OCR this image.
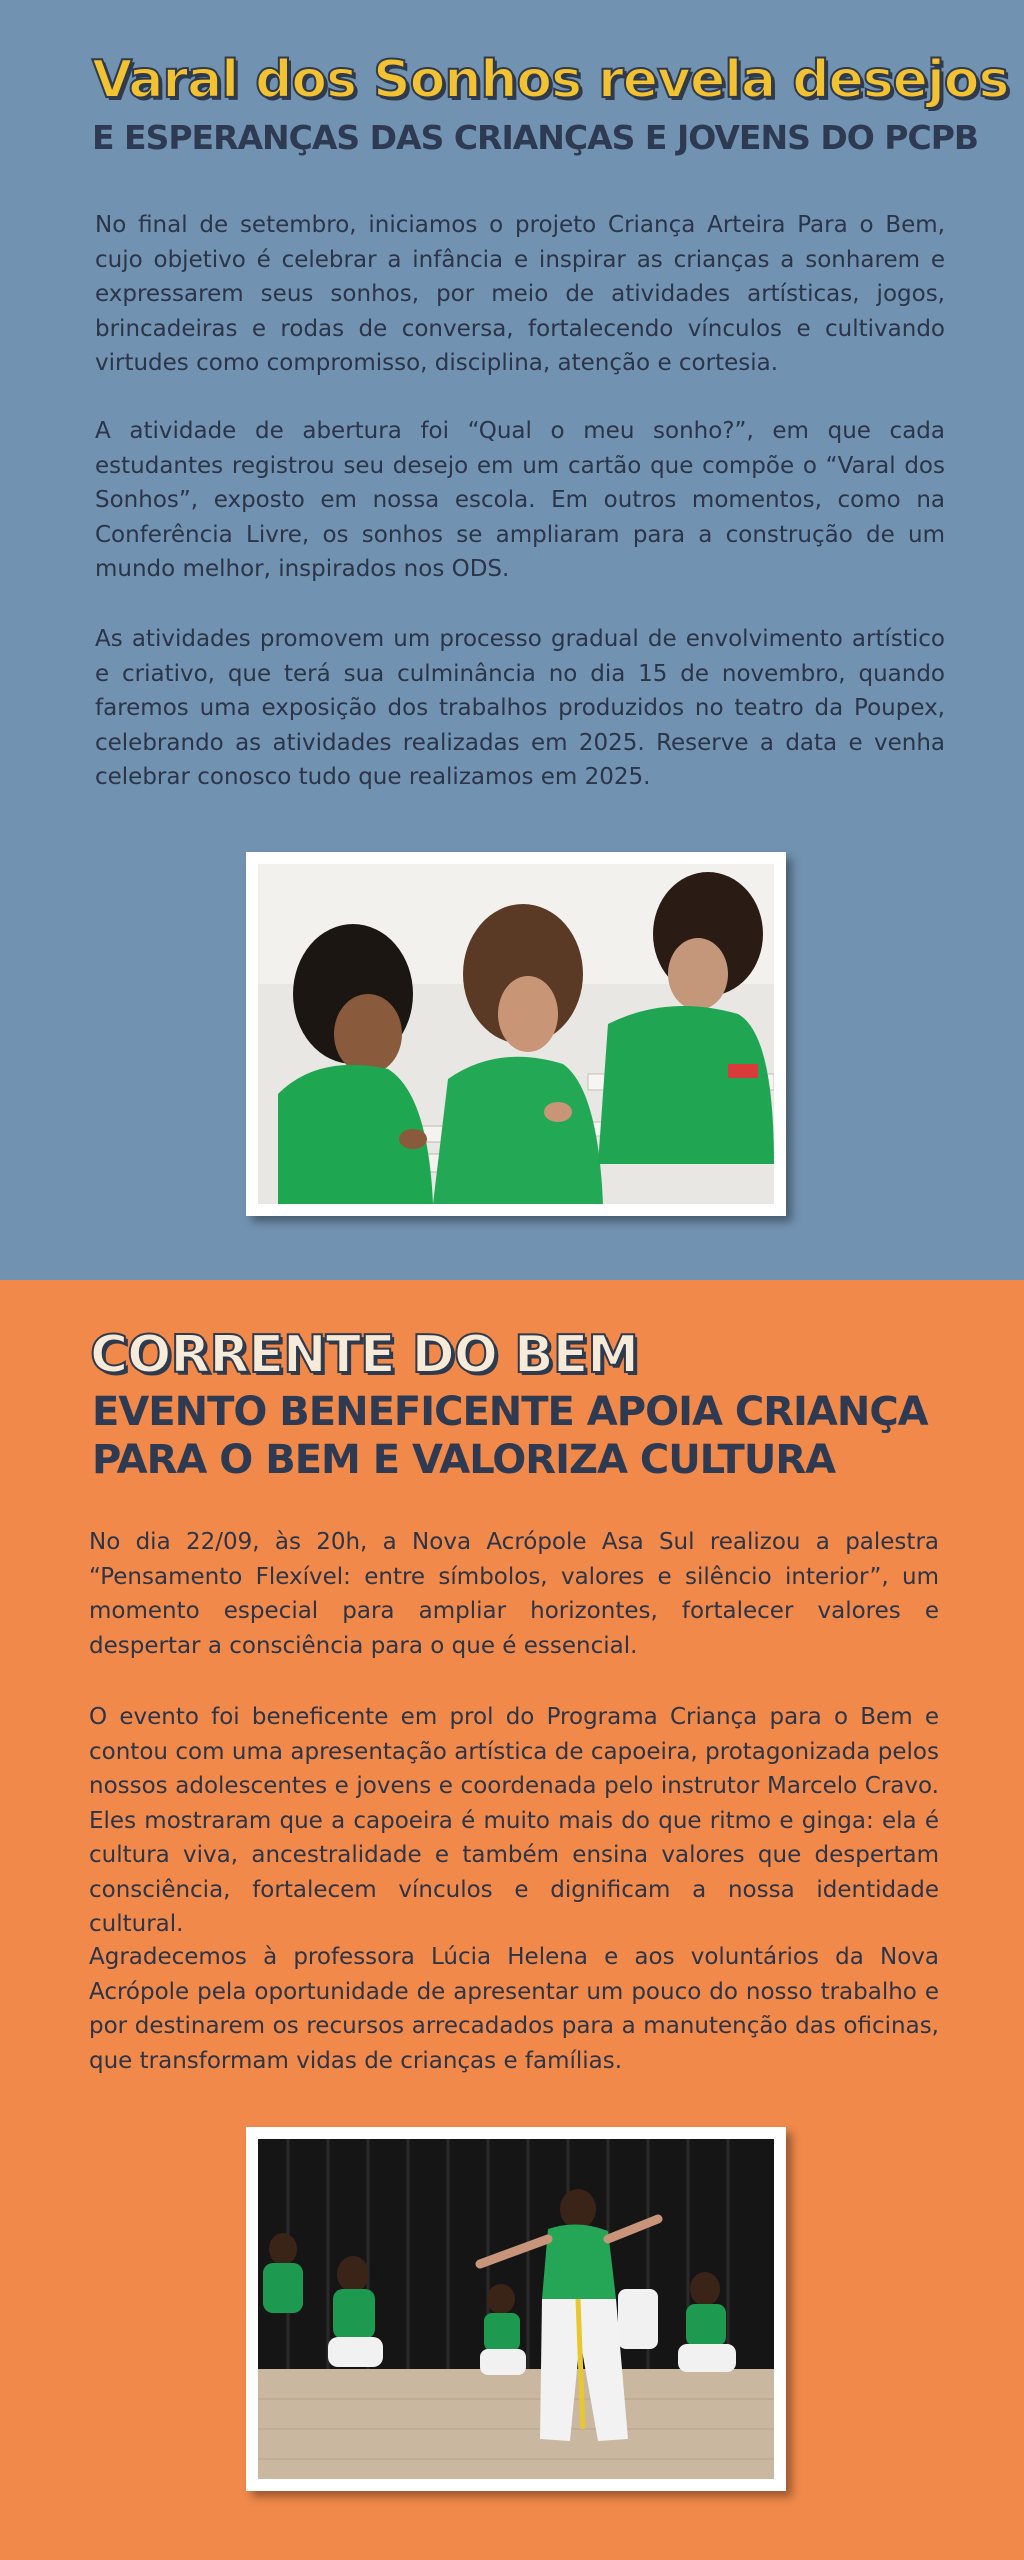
Varal dos Sonhos revela desejos
E ESPERANÇAS DAS CRIANÇAS E JOVENS DO PCPB

No final de setembro, iniciamos o projeto Criança Arteira Para o Bem, cujo objetivo é celebrar a infância e inspirar as crianças a sonharem e expressarem seus sonhos, por meio de atividades artísticas, jogos, brincadeiras e rodas de conversa, fortalecendo vínculos e cultivando virtudes como compromisso, disciplina, atenção e cortesia.

A atividade de abertura foi “Qual o meu sonho?”, em que cada estudantes registrou seu desejo em um cartão que compõe o “Varal dos Sonhos”, exposto em nossa escola. Em outros momentos, como na Conferência Livre, os sonhos se ampliaram para a construção de um mundo melhor, inspirados nos ODS.

As atividades promovem um processo gradual de envolvimento artístico e criativo, que terá sua culminância no dia 15 de novembro, quando faremos uma exposição dos trabalhos produzidos no teatro da Poupex, celebrando as atividades realizadas em 2025. Reserve a data e venha celebrar conosco tudo que realizamos em 2025.

CORRENTE DO BEM
EVENTO BENEFICENTE APOIA CRIANÇA
PARA O BEM E VALORIZA CULTURA

No dia 22/09, às 20h, a Nova Acrópole Asa Sul realizou a palestra “Pensamento Flexível: entre símbolos, valores e silêncio interior”, um momento especial para ampliar horizontes, fortalecer valores e despertar a consciência para o que é essencial.

O evento foi beneficente em prol do Programa Criança para o Bem e contou com uma apresentação artística de capoeira, protagonizada pelos nossos adolescentes e jovens e coordenada pelo instrutor Marcelo Cravo. Eles mostraram que a capoeira é muito mais do que ritmo e ginga: ela é cultura viva, ancestralidade e também ensina valores que despertam consciência, fortalecem vínculos e dignificam a nossa identidade cultural.

Agradecemos à professora Lúcia Helena e aos voluntários da Nova Acrópole pela oportunidade de apresentar um pouco do nosso trabalho e por destinarem os recursos arrecadados para a manutenção das oficinas, que transformam vidas de crianças e famílias.
